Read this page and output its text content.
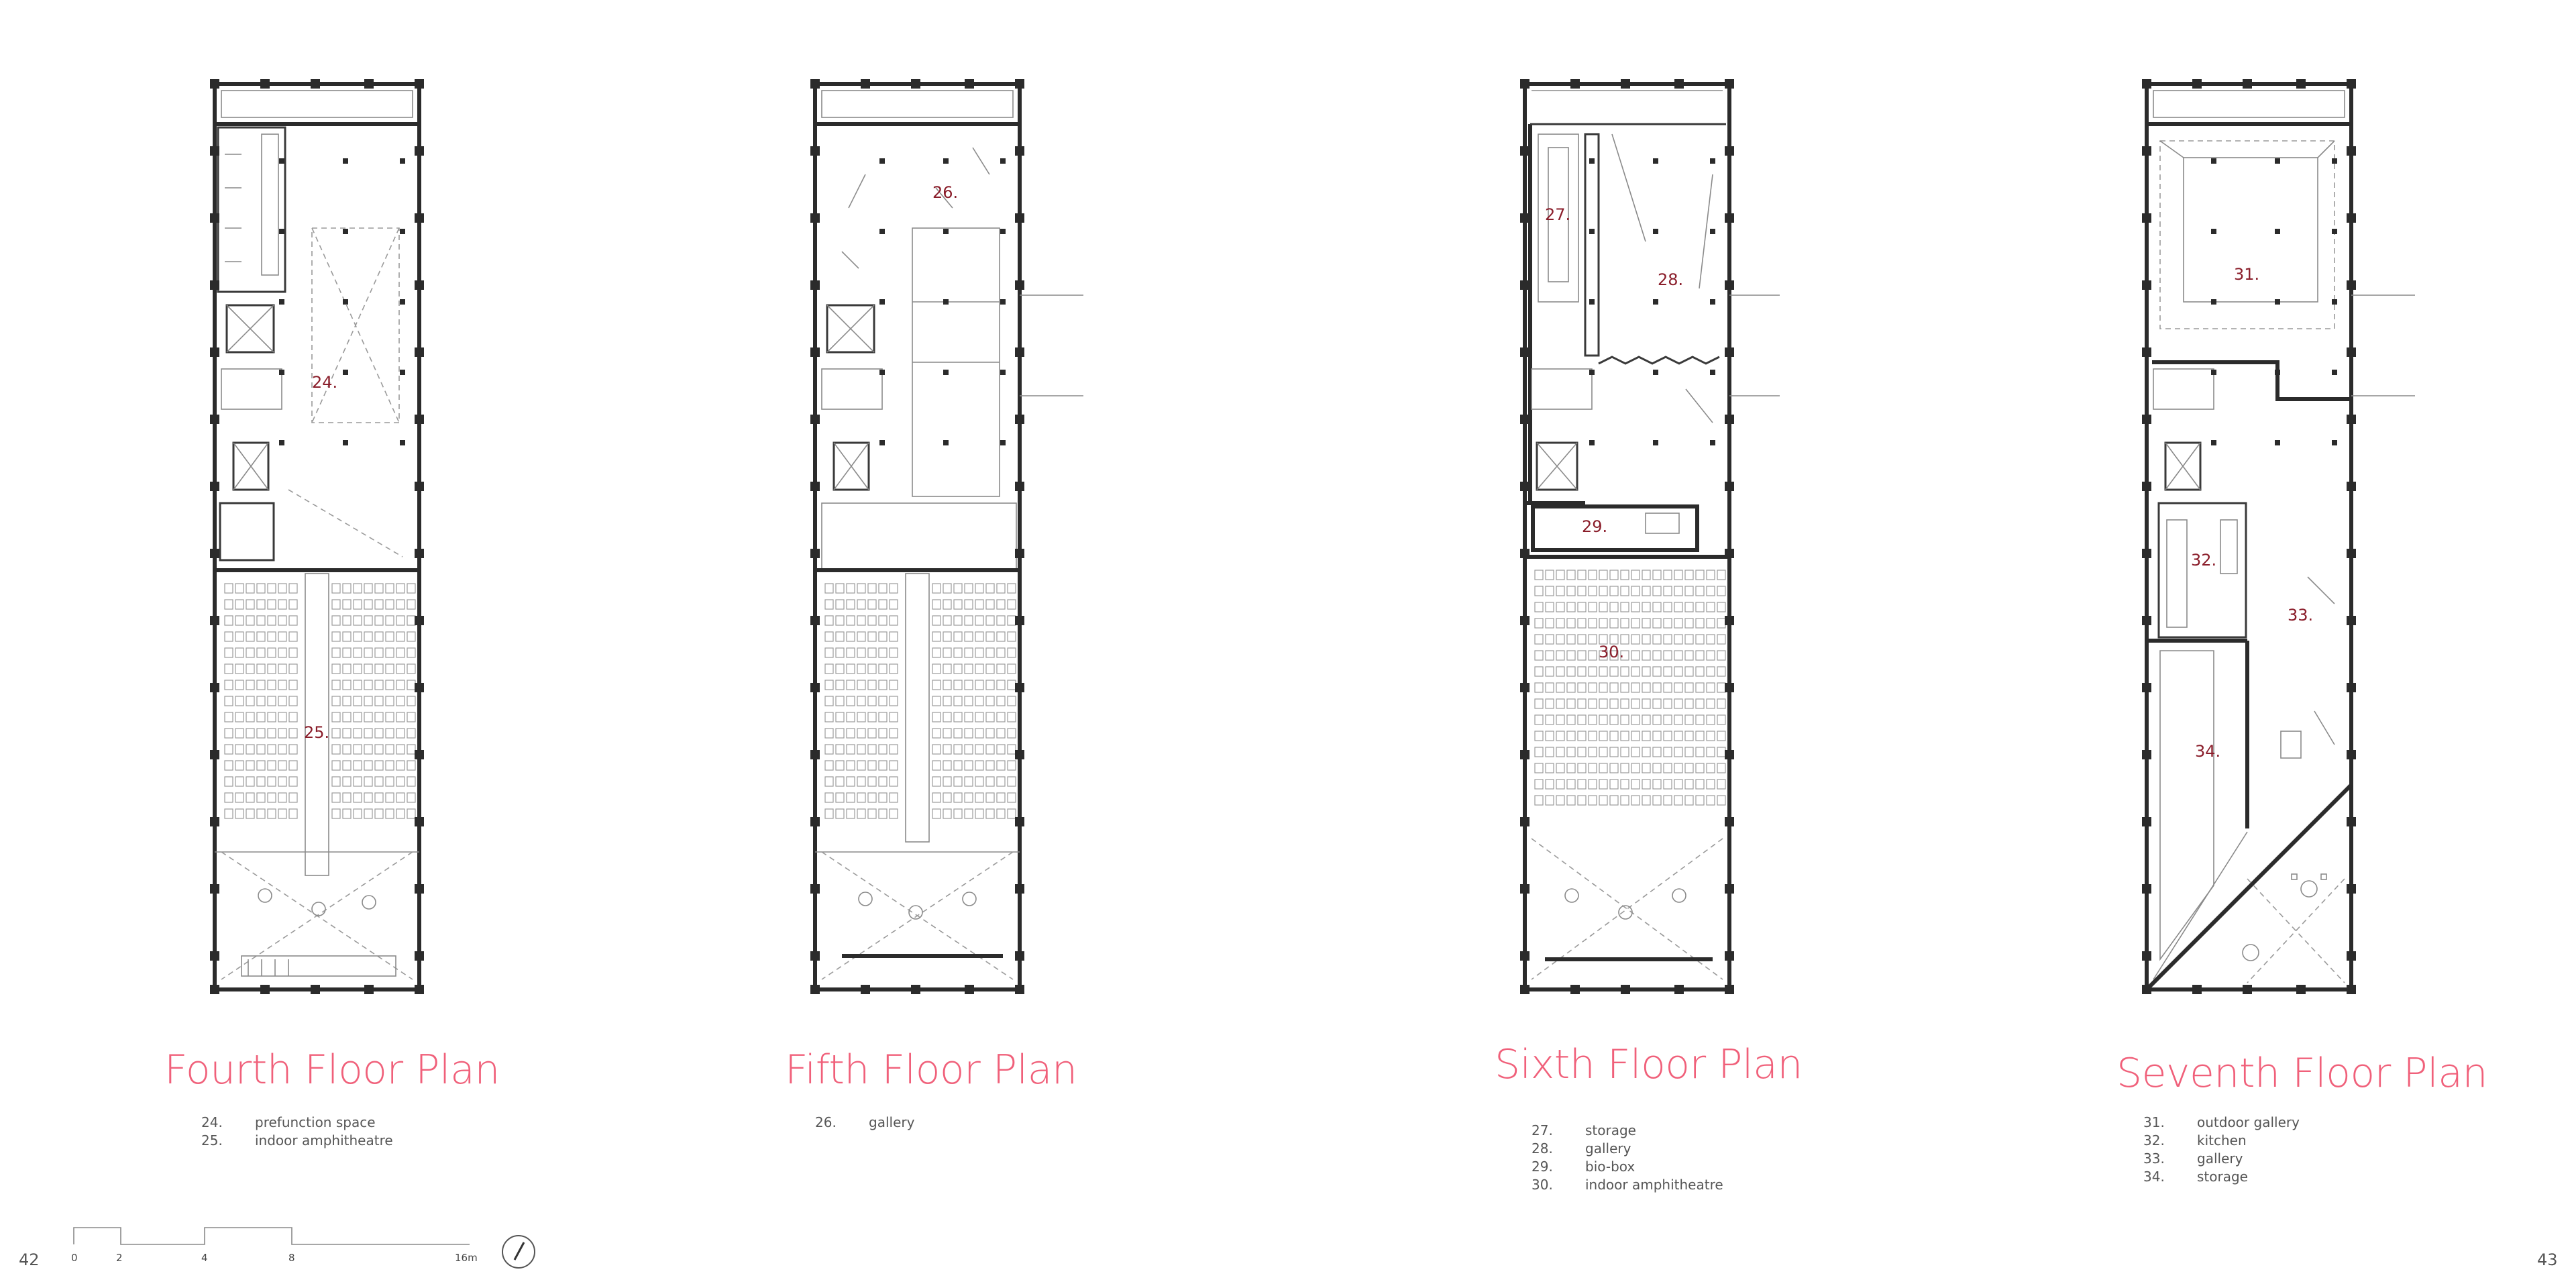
24.
25.
26.
27.
28.
29.
30.
31.
32.
33.
34.
Fourth Floor Plan
24.	prefunction space
25.	indoor amphitheatre
Fifth Floor Plan
26.	gallery
Sixth Floor Plan
27.	storage
28.	gallery
29.	bio-box
30.	indoor amphitheatre
Seventh Floor Plan
31.	outdoor gallery
32.	kitchen
33.	gallery
34.	storage
0	2	4	8	16m
42	43
